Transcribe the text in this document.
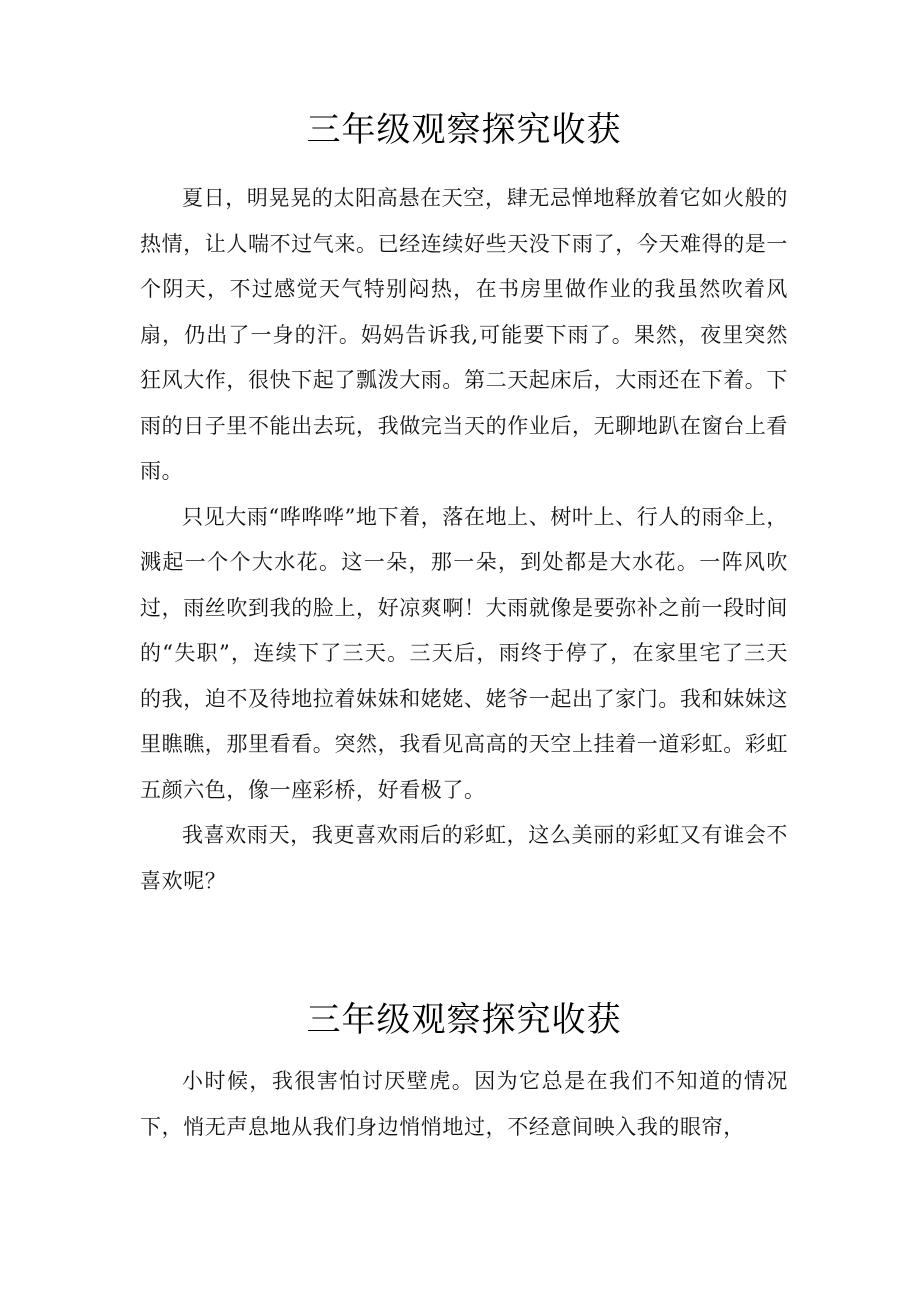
三年级观察探究收获

夏日，明晃晃的太阳高悬在天空，肆无忌惮地释放着它如火般的热情，让人喘不过气来。已经连续好些天没下雨了，今天难得的是一个阴天，不过感觉天气特别闷热，在书房里做作业的我虽然吹着风扇，仍出了一身的汗。妈妈告诉我,可能要下雨了。果然，夜里突然狂风大作，很快下起了瓢泼大雨。第二天起床后，大雨还在下着。下雨的日子里不能出去玩，我做完当天的作业后，无聊地趴在窗台上看雨。

只见大雨“哗哗哗”地下着，落在地上、树叶上、行人的雨伞上，溅起一个个大水花。这一朵，那一朵，到处都是大水花。一阵风吹过，雨丝吹到我的脸上，好凉爽啊！大雨就像是要弥补之前一段时间的“失职”，连续下了三天。三天后，雨终于停了，在家里宅了三天的我，迫不及待地拉着妹妹和姥姥、姥爷一起出了家门。我和妹妹这里瞧瞧，那里看看。突然，我看见高高的天空上挂着一道彩虹。彩虹五颜六色，像一座彩桥，好看极了。

我喜欢雨天，我更喜欢雨后的彩虹，这么美丽的彩虹又有谁会不喜欢呢？

三年级观察探究收获

小时候，我很害怕讨厌壁虎。因为它总是在我们不知道的情况下，悄无声息地从我们身边悄悄地过，不经意间映入我的眼帘，
